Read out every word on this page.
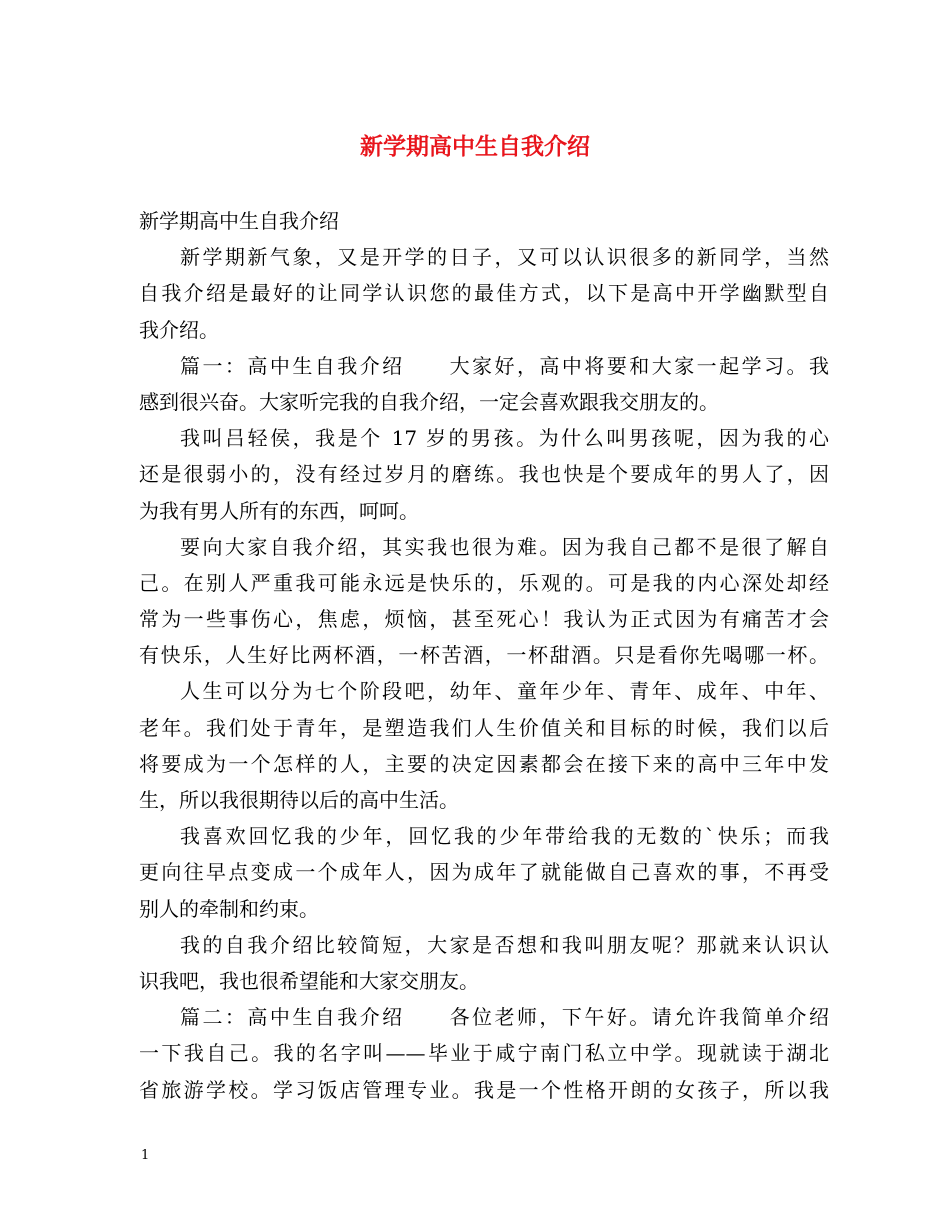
新学期高中生自我介绍
新学期高中生自我介绍
新学期新气象，又是开学的日子，又可以认识很多的新同学，当然
自我介绍是最好的让同学认识您的最佳方式，以下是高中开学幽默型自
我介绍。
篇一：高中生自我介绍　　大家好，高中将要和大家一起学习。我
感到很兴奋。大家听完我的自我介绍，一定会喜欢跟我交朋友的。
我叫吕轻侯，我是个 17 岁的男孩。为什么叫男孩呢，因为我的心
还是很弱小的，没有经过岁月的磨练。我也快是个要成年的男人了，因
为我有男人所有的东西，呵呵。
要向大家自我介绍，其实我也很为难。因为我自己都不是很了解自
己。在别人严重我可能永远是快乐的，乐观的。可是我的内心深处却经
常为一些事伤心，焦虑，烦恼，甚至死心！我认为正式因为有痛苦才会
有快乐，人生好比两杯酒，一杯苦酒，一杯甜酒。只是看你先喝哪一杯。
人生可以分为七个阶段吧，幼年、童年少年、青年、成年、中年、
老年。我们处于青年，是塑造我们人生价值关和目标的时候，我们以后
将要成为一个怎样的人，主要的决定因素都会在接下来的高中三年中发
生，所以我很期待以后的高中生活。
我喜欢回忆我的少年，回忆我的少年带给我的无数的`快乐；而我
更向往早点变成一个成年人，因为成年了就能做自己喜欢的事，不再受
别人的牵制和约束。
我的自我介绍比较简短，大家是否想和我叫朋友呢？那就来认识认
识我吧，我也很希望能和大家交朋友。
篇二：高中生自我介绍　　各位老师，下午好。请允许我简单介绍
一下我自己。我的名字叫——毕业于咸宁南门私立中学。现就读于湖北
省旅游学校。学习饭店管理专业。我是一个性格开朗的女孩子，所以我
1
